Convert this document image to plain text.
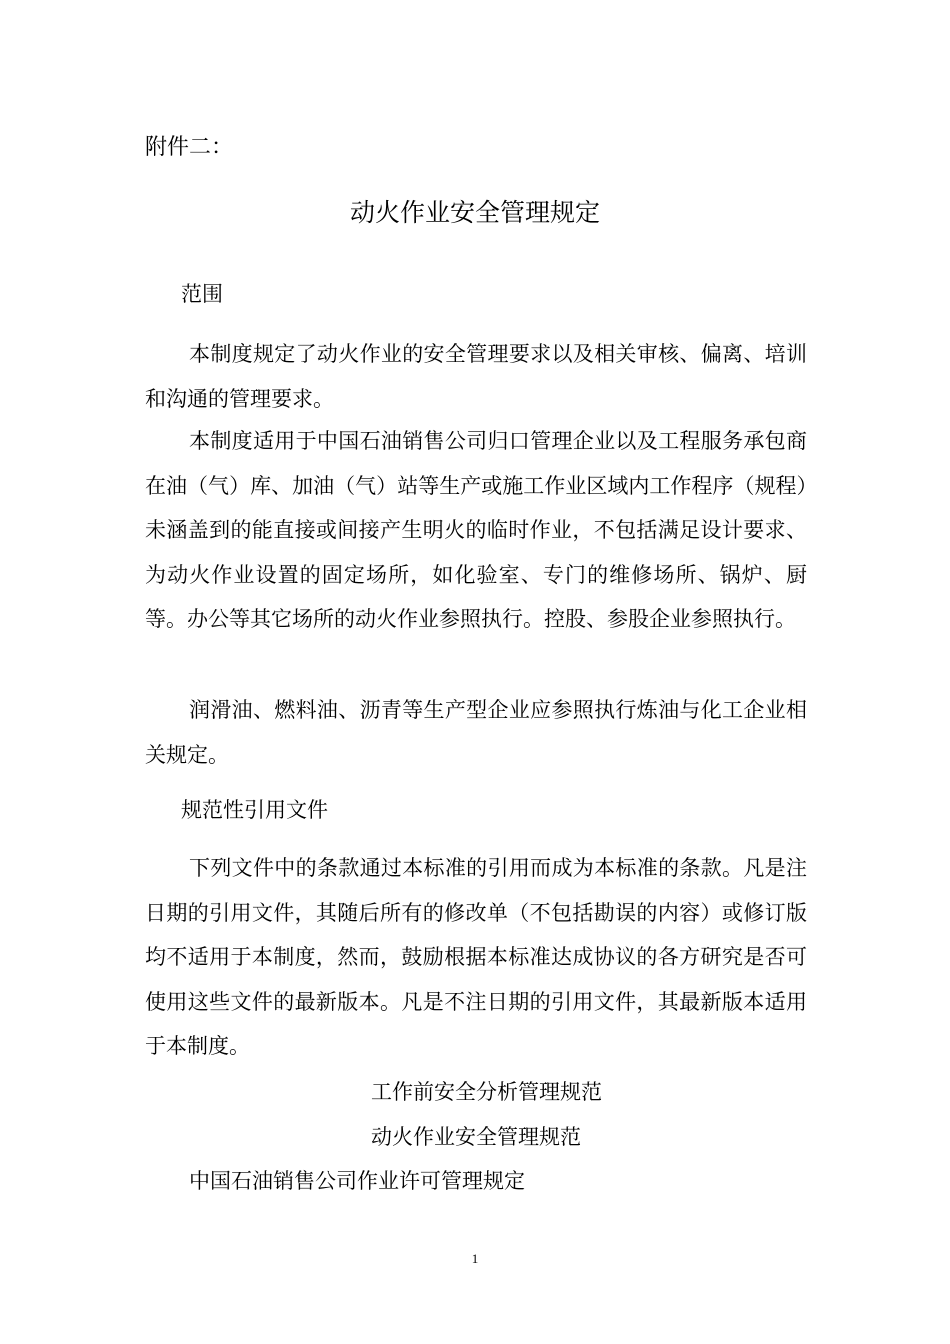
附件二：
动火作业安全管理规定
范围

本制度规定了动火作业的安全管理要求以及相关审核、偏离、培训和沟通的管理要求。

本制度适用于中国石油销售公司归口管理企业以及工程服务承包商在油（气）库、加油（气）站等生产或施工作业区域内工作程序（规程）未涵盖到的能直接或间接产生明火的临时作业，不包括满足设计要求、为动火作业设置的固定场所，如化验室、专门的维修场所、锅炉、厨等。办公等其它场所的动火作业参照执行。控股、参股企业参照执行。

润滑油、燃料油、沥青等生产型企业应参照执行炼油与化工企业相关规定。

规范性引用文件

下列文件中的条款通过本标准的引用而成为本标准的条款。凡是注日期的引用文件，其随后所有的修改单（不包括勘误的内容）或修订版均不适用于本制度，然而，鼓励根据本标准达成协议的各方研究是否可使用这些文件的最新版本。凡是不注日期的引用文件，其最新版本适用于本制度。

工作前安全分析管理规范
动火作业安全管理规范
中国石油销售公司作业许可管理规定
1
